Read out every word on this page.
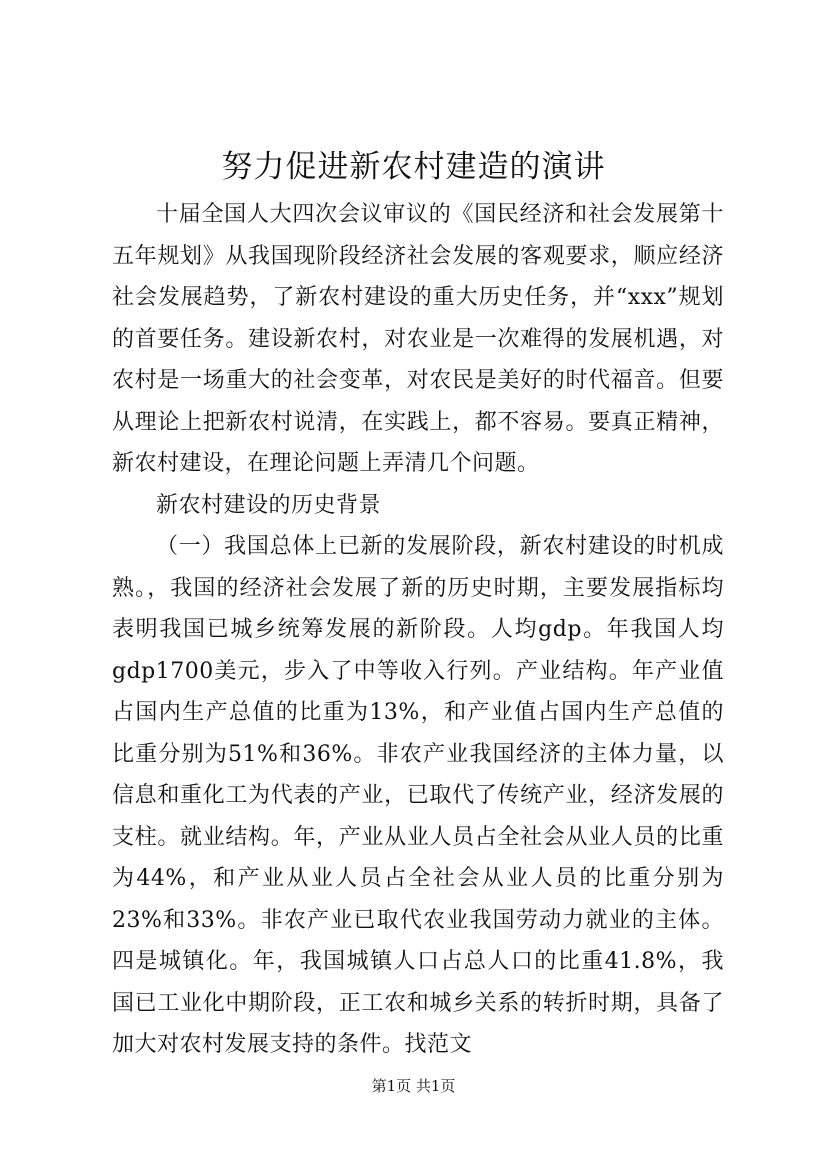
努力促进新农村建造的演讲

十届全国人大四次会议审议的《国民经济和社会发展第十五年规划》从我国现阶段经济社会发展的客观要求，顺应经济社会发展趋势，了新农村建设的重大历史任务，并“xxx”规划的首要任务。建设新农村，对农业是一次难得的发展机遇，对农村是一场重大的社会变革，对农民是美好的时代福音。但要从理论上把新农村说清，在实践上，都不容易。要真正精神，新农村建设，在理论问题上弄清几个问题。

新农村建设的历史背景

（一）我国总体上已新的发展阶段，新农村建设的时机成熟。，我国的经济社会发展了新的历史时期，主要发展指标均表明我国已城乡统筹发展的新阶段。人均gdp。年我国人均gdp1700美元，步入了中等收入行列。产业结构。年产业值占国内生产总值的比重为13%，和产业值占国内生产总值的比重分别为51%和36%。非农产业我国经济的主体力量，以信息和重化工为代表的产业，已取代了传统产业，经济发展的支柱。就业结构。年，产业从业人员占全社会从业人员的比重为44%，和产业从业人员占全社会从业人员的比重分别为23%和33%。非农产业已取代农业我国劳动力就业的主体。四是城镇化。年，我国城镇人口占总人口的比重41.8%，我国已工业化中期阶段，正工农和城乡关系的转折时期，具备了加大对农村发展支持的条件。找范文

第1页 共1页
